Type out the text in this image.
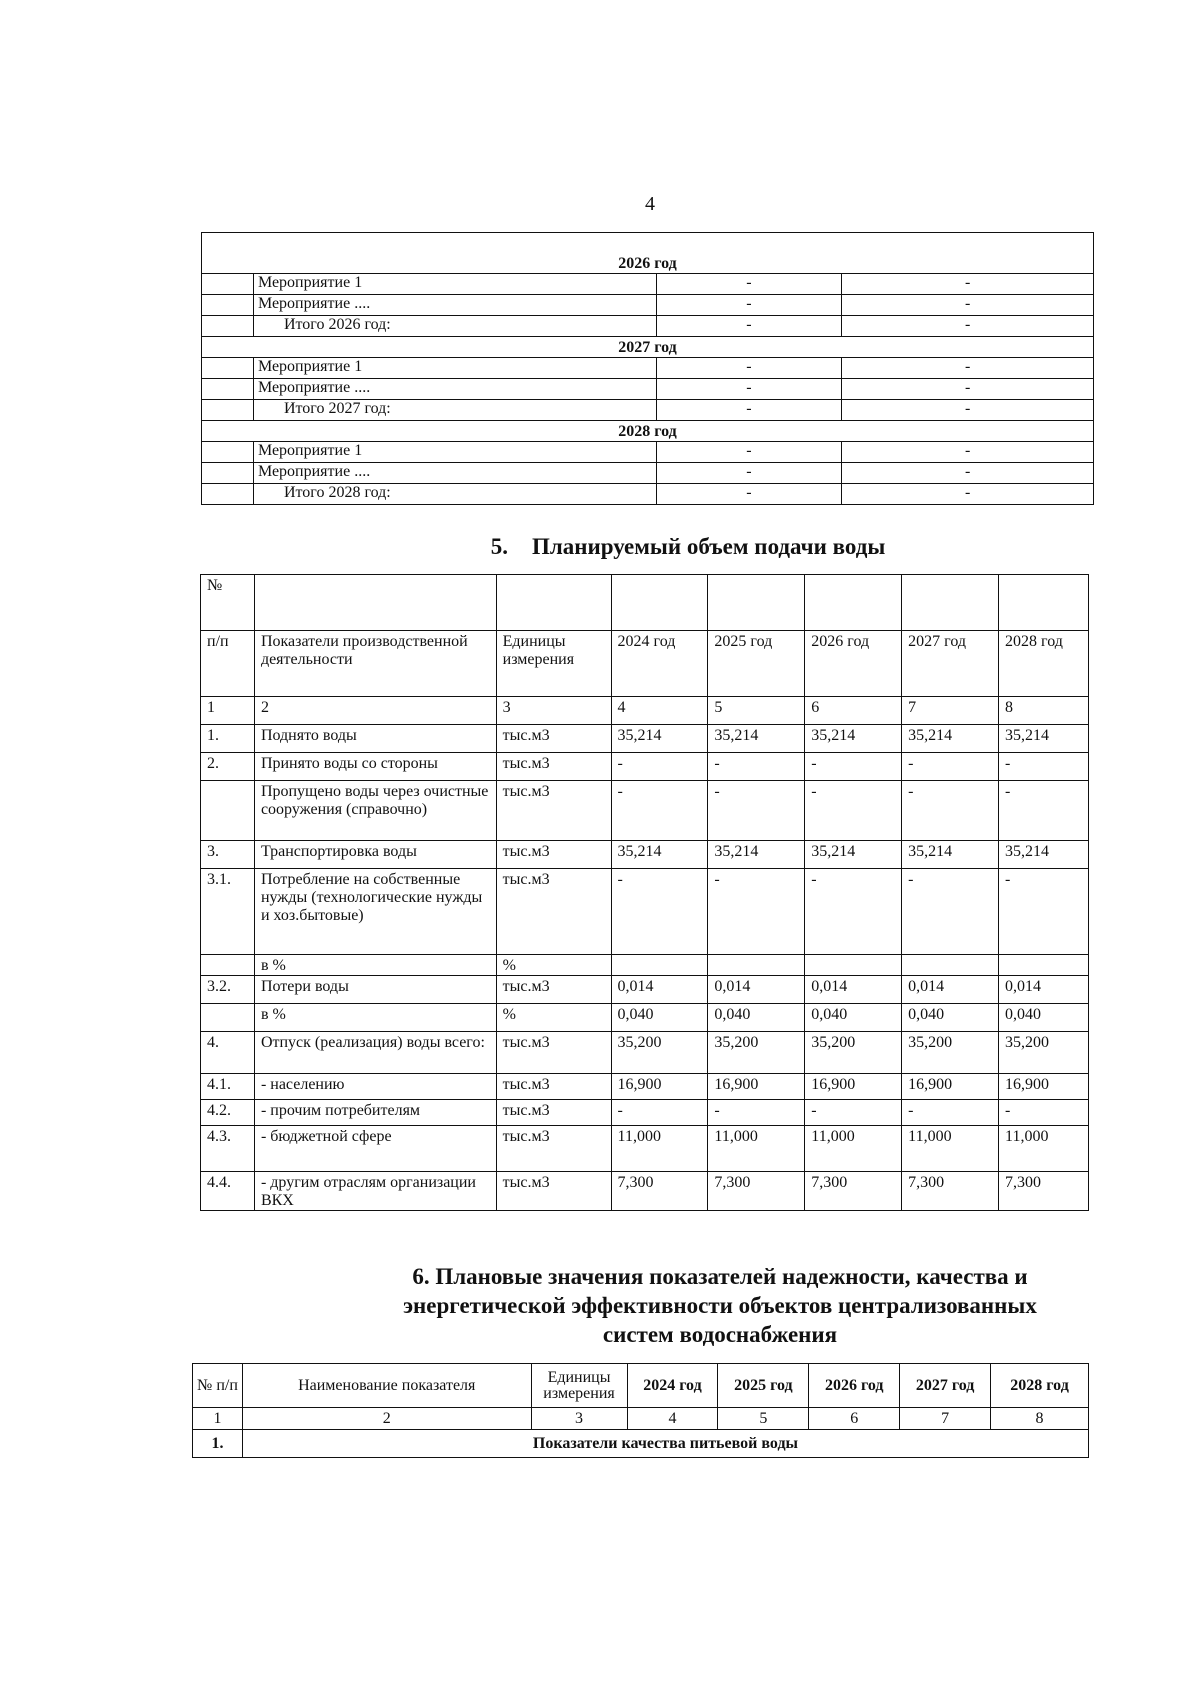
4
2026 год			
	Мероприятие 1	-	-
	Мероприятие ....	-	-
	Итого 2026 год:	-	-
2027 год			
	Мероприятие 1	-	-
	Мероприятие ....	-	-
	Итого 2027 год:	-	-
2028 год			
	Мероприятие 1	-	-
	Мероприятие ....	-	-
	Итого 2028 год:	-	-
5. Планируемый объем подачи воды
№							
п/п	Показатели производственной деятельности	Единицы измерения	2024 год	2025 год	2026 год	2027 год	2028 год
1	2	3	4	5	6	7	8
1.	Поднято воды	тыс.м3	35,214	35,214	35,214	35,214	35,214
2.	Принято воды со стороны	тыс.м3	-	-	-	-	-
	Пропущено воды через очистные сооружения (справочно)	тыс.м3	-	-	-	-	-
3.	Транспортировка воды	тыс.м3	35,214	35,214	35,214	35,214	35,214
3.1.	Потребление на собственные нужды (технологические нужды и хоз.бытовые)	тыс.м3	-	-	-	-	-
	в %	%					
3.2.	Потери воды	тыс.м3	0,014	0,014	0,014	0,014	0,014
	в %	%	0,040	0,040	0,040	0,040	0,040
4.	Отпуск (реализация) воды всего:	тыс.м3	35,200	35,200	35,200	35,200	35,200
4.1.	- населению	тыс.м3	16,900	16,900	16,900	16,900	16,900
4.2.	- прочим потребителям	тыс.м3	-	-	-	-	-
4.3.	- бюджетной сфере	тыс.м3	11,000	11,000	11,000	11,000	11,000
4.4.	- другим отраслям организации ВКХ	тыс.м3	7,300	7,300	7,300	7,300	7,300
6. Плановые значения показателей надежности, качества и
энергетической эффективности объектов централизованных
систем водоснабжения
№ п/п	Наименование показателя	Единицы измерения	2024 год	2025 год	2026 год	2027 год	2028 год
1	2	3	4	5	6	7	8
1.	Показатели качества питьевой воды						
